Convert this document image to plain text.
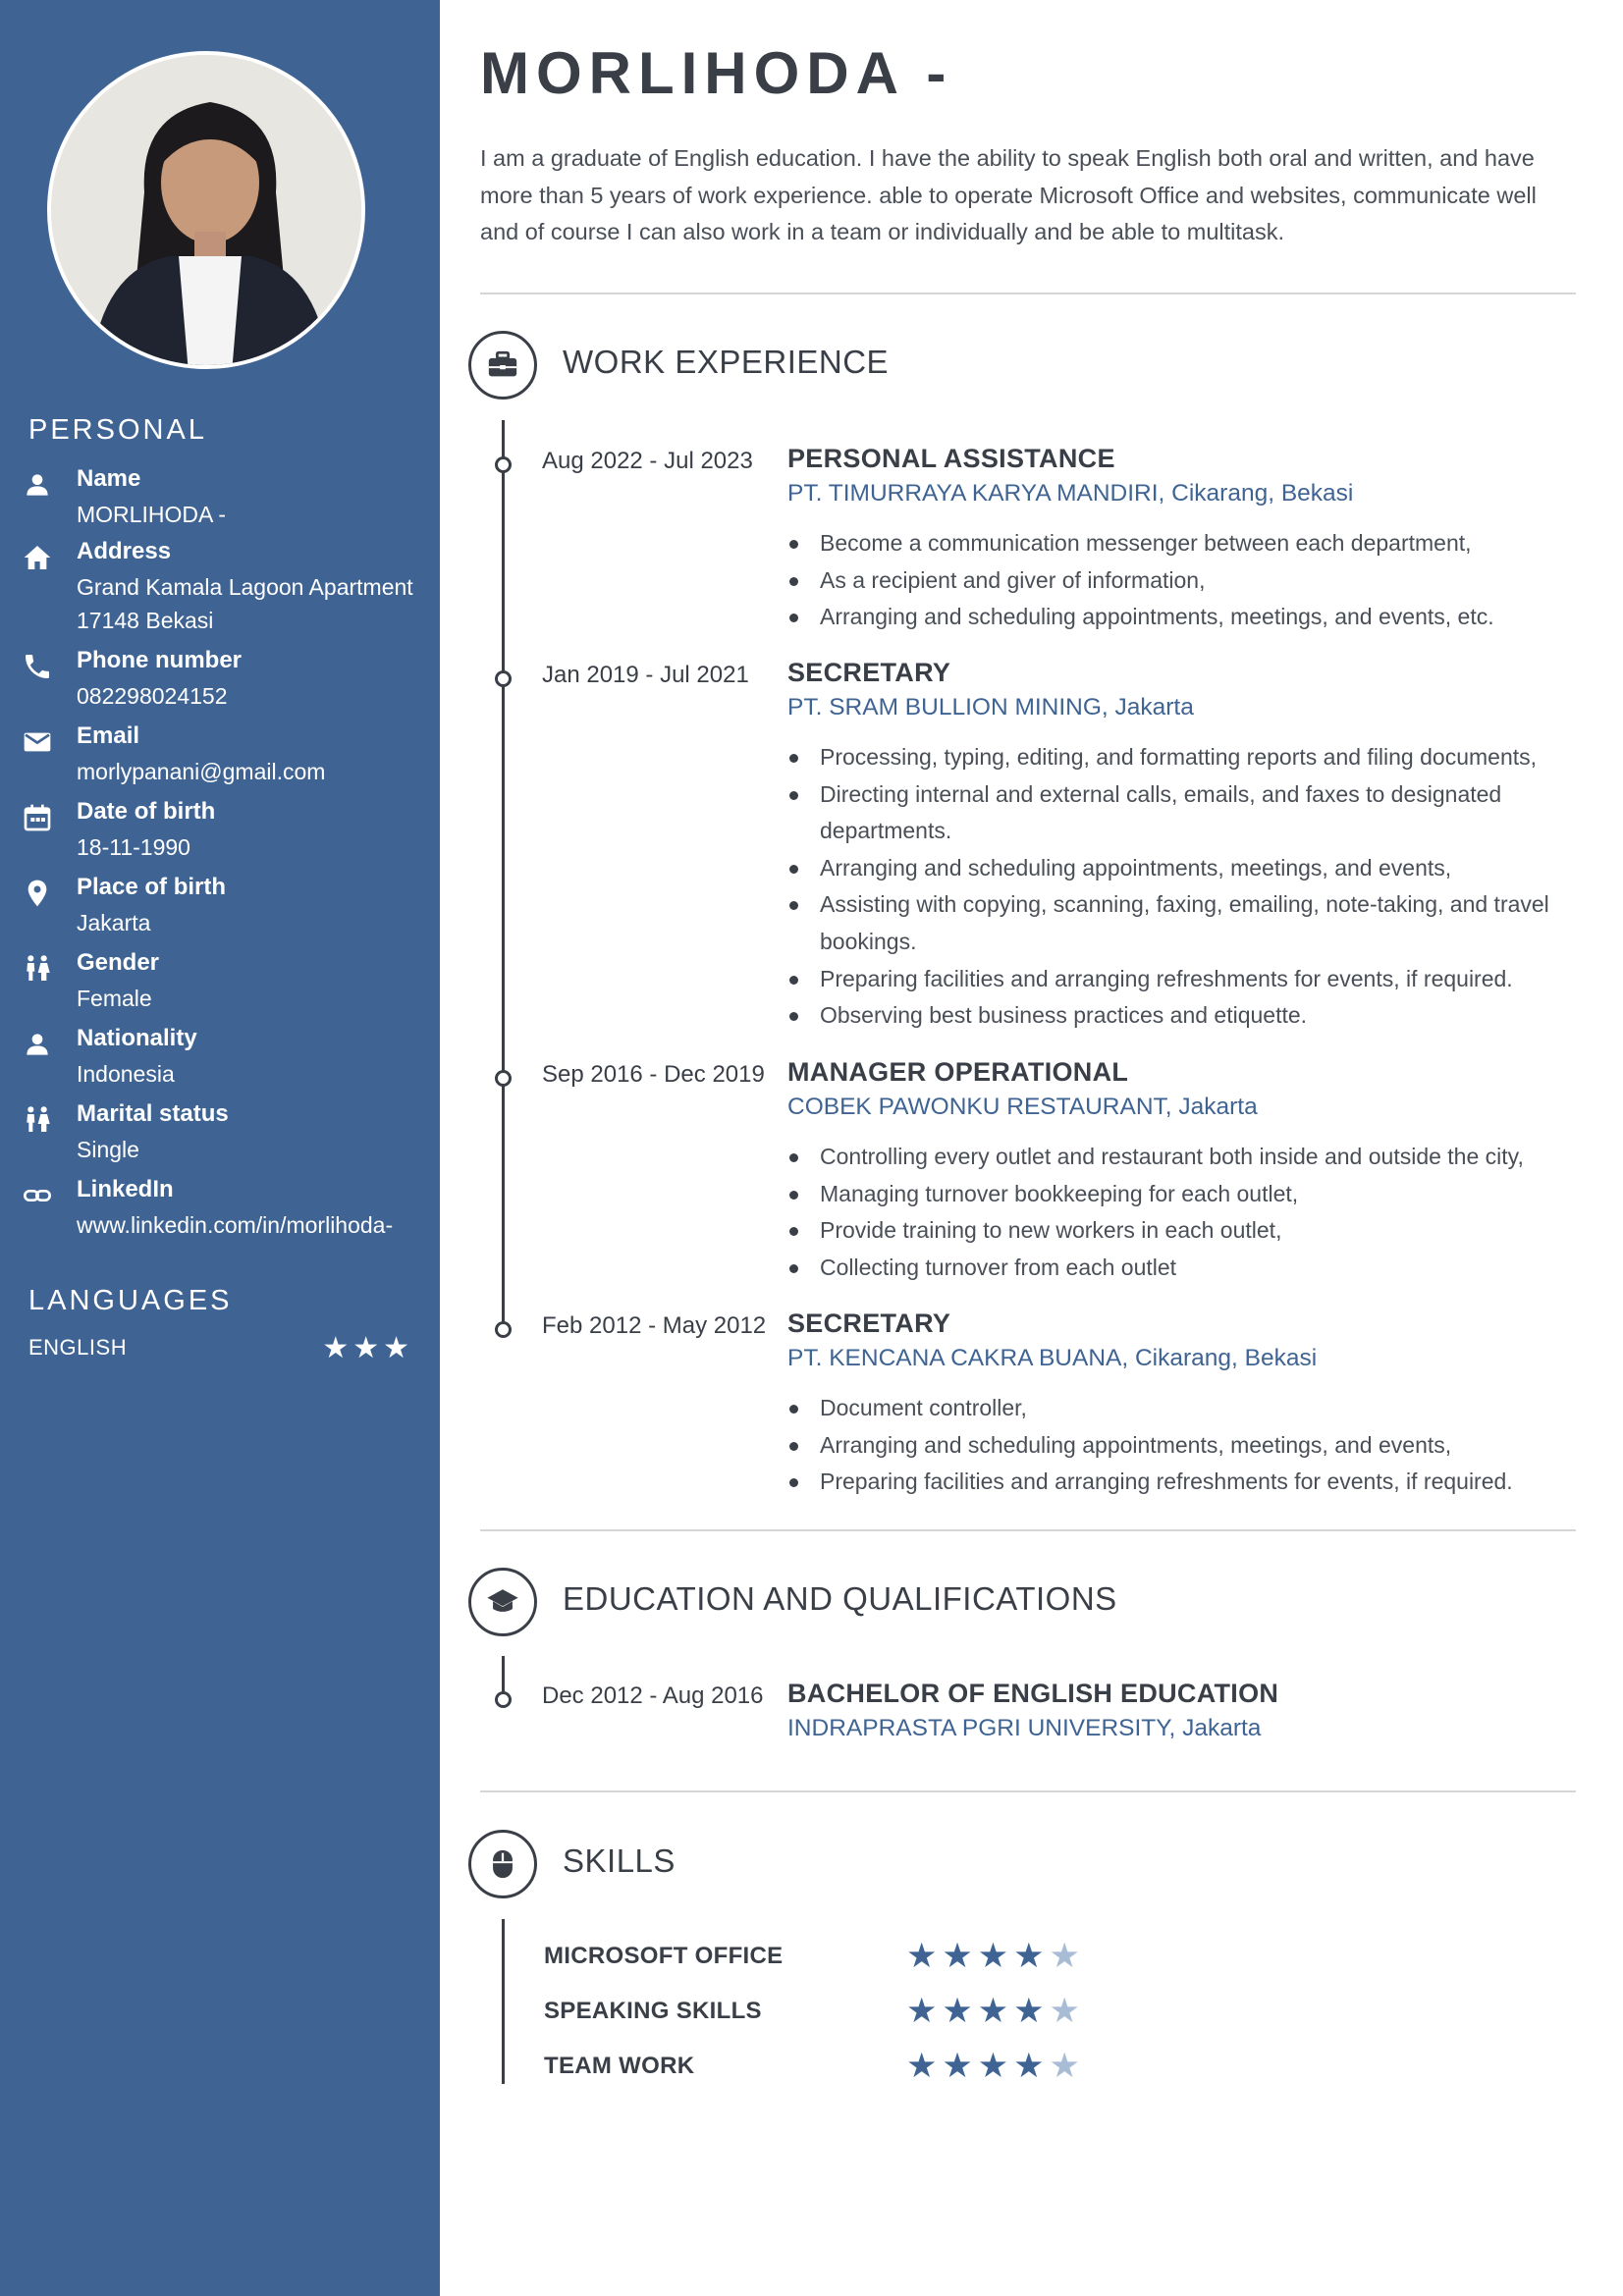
PERSONAL
Name
MORLIHODA -
Address
Grand Kamala Lagoon Apartment
17148 Bekasi
Phone number
082298024152
Email
morlypanani@gmail.com
Date of birth
18-11-1990
Place of birth
Jakarta
Gender
Female
Nationality
Indonesia
Marital status
Single
LinkedIn
www.linkedin.com/in/morlihoda-
LANGUAGES
ENGLISH	★★★
MORLIHODA -

I am a graduate of English education. I have the ability to speak English both oral and written, and have more than 5 years of work experience. able to operate Microsoft Office and websites, communicate well and of course I can also work in a team or individually and be able to multitask.

WORK EXPERIENCE
Aug 2022 - Jul 2023 PERSONAL ASSISTANCE
PT. TIMURRAYA KARYA MANDIRI, Cikarang, Bekasi
Become a communication messenger between each department,
As a recipient and giver of information,
Arranging and scheduling appointments, meetings, and events, etc.
Jan 2019 - Jul 2021 SECRETARY
PT. SRAM BULLION MINING, Jakarta
Processing, typing, editing, and formatting reports and filing documents,
Directing internal and external calls, emails, and faxes to designated departments.
Arranging and scheduling appointments, meetings, and events,
Assisting with copying, scanning, faxing, emailing, note-taking, and travel bookings.
Preparing facilities and arranging refreshments for events, if required.
Observing best business practices and etiquette.
Sep 2016 - Dec 2019 MANAGER OPERATIONAL
COBEK PAWONKU RESTAURANT, Jakarta
Controlling every outlet and restaurant both inside and outside the city,
Managing turnover bookkeeping for each outlet,
Provide training to new workers in each outlet,
Collecting turnover from each outlet
Feb 2012 - May 2012 SECRETARY
PT. KENCANA CAKRA BUANA, Cikarang, Bekasi
Document controller,
Arranging and scheduling appointments, meetings, and events,
Preparing facilities and arranging refreshments for events, if required.
EDUCATION AND QUALIFICATIONS
Dec 2012 - Aug 2016 BACHELOR OF ENGLISH EDUCATION
INDRAPRASTA PGRI UNIVERSITY, Jakarta
SKILLS
MICROSOFT OFFICE	★★★★★
SPEAKING SKILLS	★★★★★
TEAM WORK	★★★★★
